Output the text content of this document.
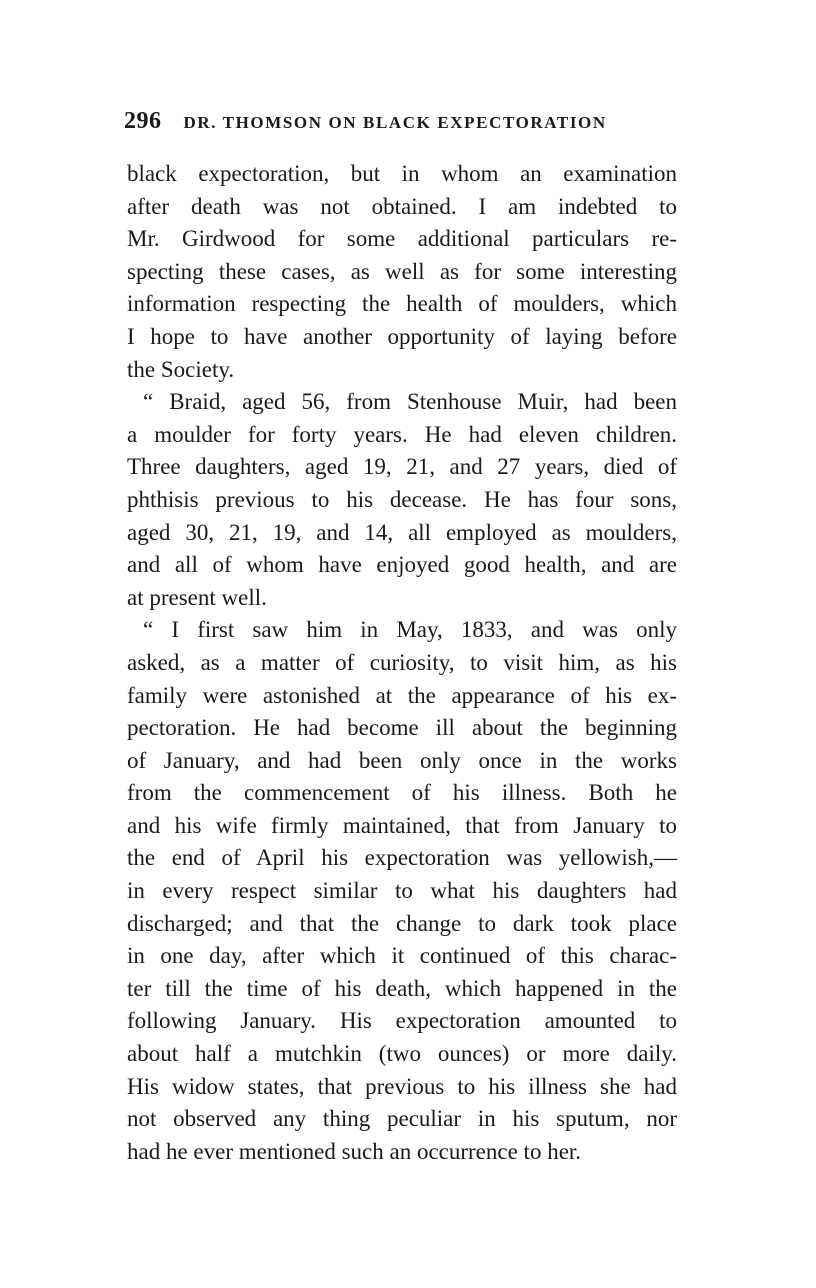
296 DR. THOMSON ON BLACK EXPECTORATION
black expectoration, but in whom an examination
after death was not obtained. I am indebted to
Mr. Girdwood for some additional particulars re-
specting these cases, as well as for some interesting
information respecting the health of moulders, which
I hope to have another opportunity of laying before
the Society.
“ Braid, aged 56, from Stenhouse Muir, had been
a moulder for forty years. He had eleven children.
Three daughters, aged 19, 21, and 27 years, died of
phthisis previous to his decease. He has four sons,
aged 30, 21, 19, and 14, all employed as moulders,
and all of whom have enjoyed good health, and are
at present well.
“ I first saw him in May, 1833, and was only
asked, as a matter of curiosity, to visit him, as his
family were astonished at the appearance of his ex-
pectoration. He had become ill about the beginning
of January, and had been only once in the works
from the commencement of his illness. Both he
and his wife firmly maintained, that from January to
the end of April his expectoration was yellowish,—
in every respect similar to what his daughters had
discharged; and that the change to dark took place
in one day, after which it continued of this charac-
ter till the time of his death, which happened in the
following January. His expectoration amounted to
about half a mutchkin (two ounces) or more daily.
His widow states, that previous to his illness she had
not observed any thing peculiar in his sputum, nor
had he ever mentioned such an occurrence to her.
